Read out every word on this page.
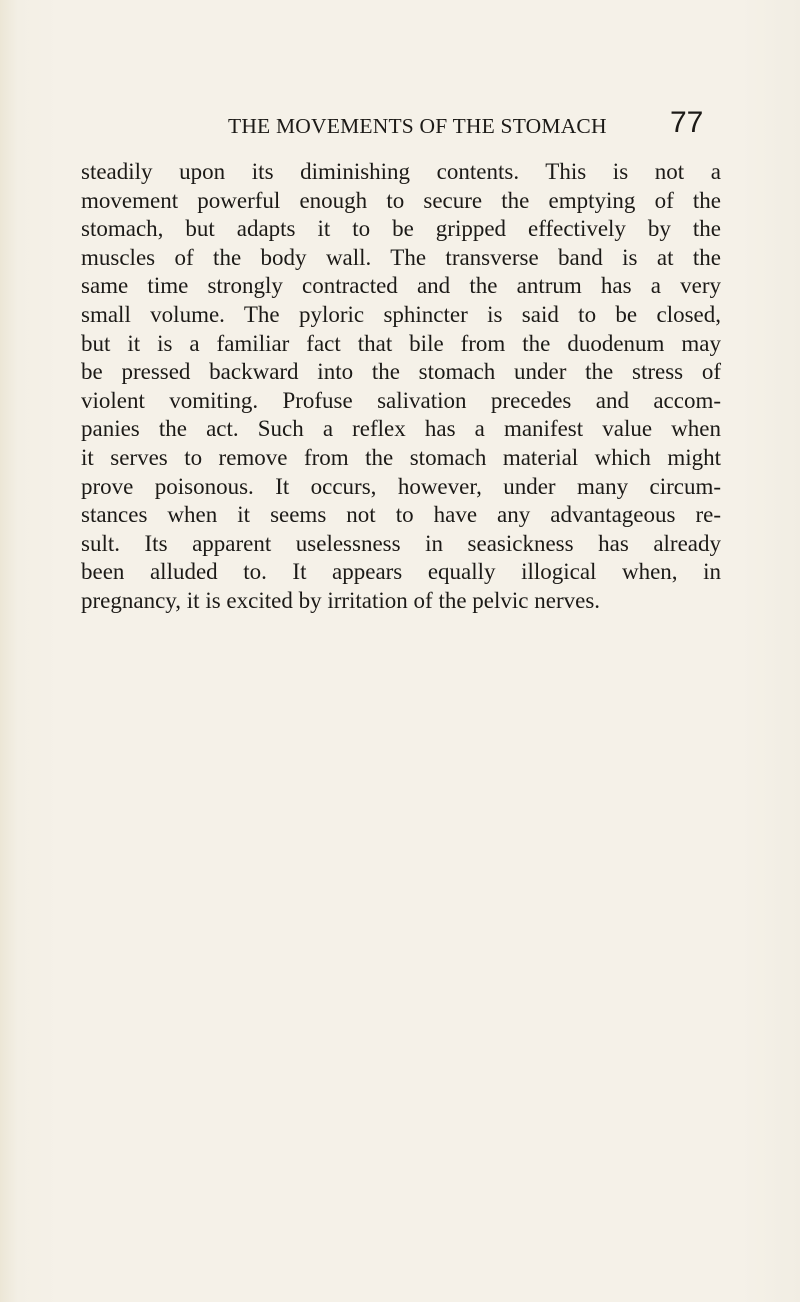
THE MOVEMENTS OF THE STOMACH 77
steadily upon its diminishing contents. This is not a
movement powerful enough to secure the emptying of the
stomach, but adapts it to be gripped effectively by the
muscles of the body wall. The transverse band is at the
same time strongly contracted and the antrum has a very
small volume. The pyloric sphincter is said to be closed,
but it is a familiar fact that bile from the duodenum may
be pressed backward into the stomach under the stress of
violent vomiting. Profuse salivation precedes and accom-
panies the act. Such a reflex has a manifest value when
it serves to remove from the stomach material which might
prove poisonous. It occurs, however, under many circum-
stances when it seems not to have any advantageous re-
sult. Its apparent uselessness in seasickness has already
been alluded to. It appears equally illogical when, in
pregnancy, it is excited by irritation of the pelvic nerves.
